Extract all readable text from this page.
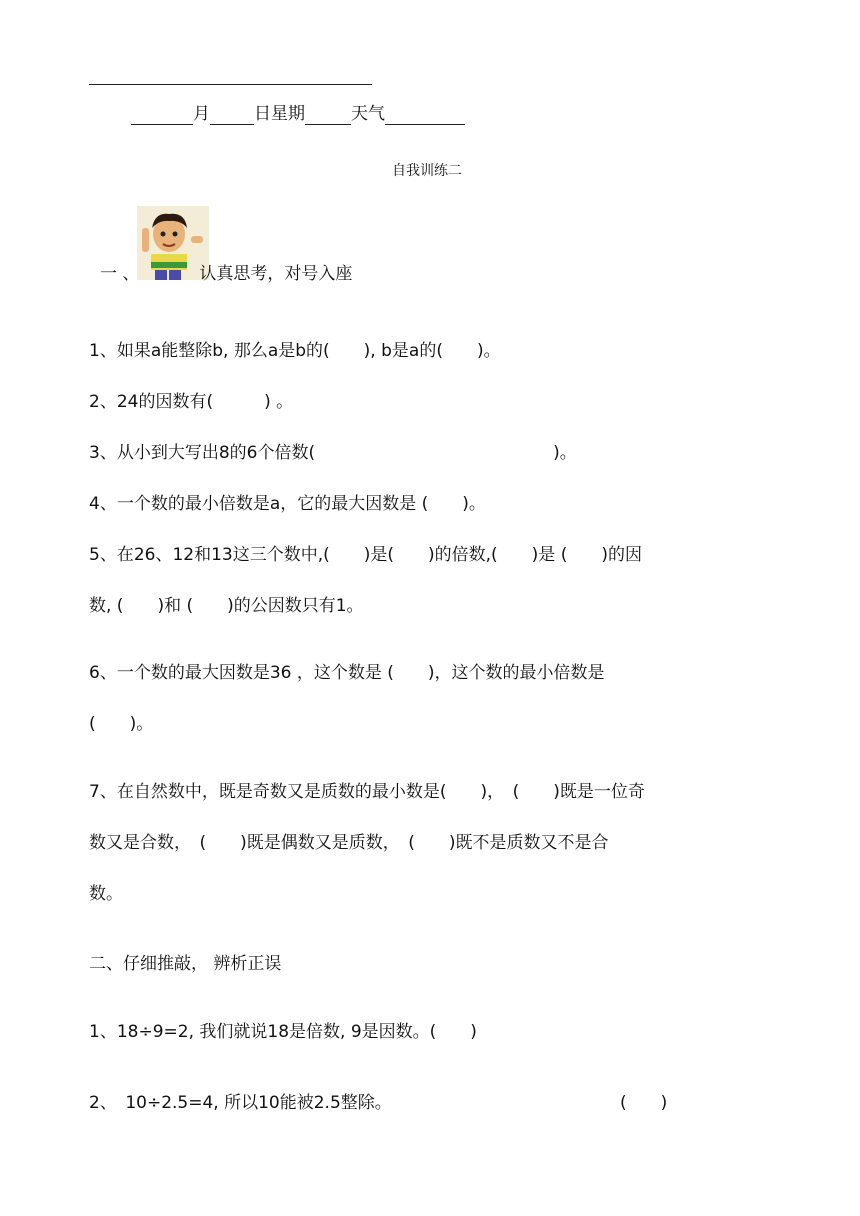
月	日星期	天气
自我训练二
一 、	认真思考，对号入座
1、如果a能整除b, 那么a是b的(　　), b是a的(　　)。
2、24的因数有(　　　) 。
3、从小到大写出8的6个倍数(　　　　　　　　　　　　　　)。
4、一个数的最小倍数是a，它的最大因数是 (　　)。
5、在26、12和13这三个数中,(　　)是(　　)的倍数,(　　)是 (　　)的因
数, (　　)和 (　　)的公因数只有1。
6、一个数的最大因数是36 ，这个数是 (　　)，这个数的最小倍数是
(　　)。
7、在自然数中，既是奇数又是质数的最小数是(　　)，　(　　)既是一位奇
数又是合数，　(　　)既是偶数又是质数，　(　　)既不是质数又不是合
数。
二、仔细推敲， 辨析正误
1、18÷9=2, 我们就说18是倍数, 9是因数。(　　)
2、　10÷2.5=4, 所以10能被2.5整除。	(　　)
